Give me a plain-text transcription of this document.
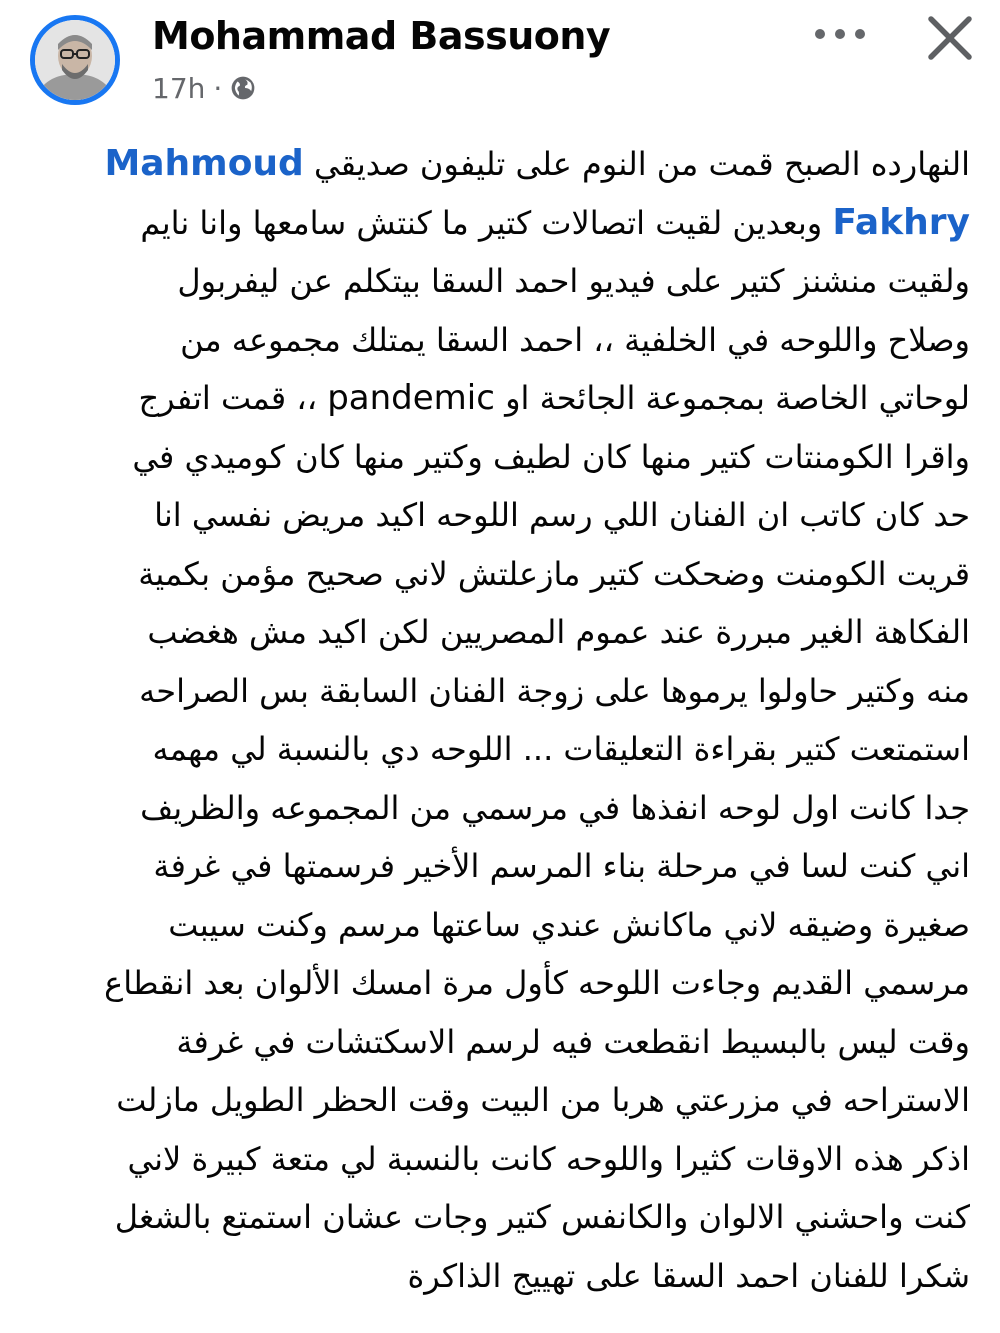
Mohammad Bassuony
17h ·
النهارده الصبح قمت من النوم على تليفون صديقي Mahmoud
Fakhry وبعدين لقيت اتصالات كتير ما كنتش سامعها وانا نايم
ولقيت منشنز كتير على فيديو احمد السقا بيتكلم عن ليفربول
وصلاح واللوحه في الخلفية ،، احمد السقا يمتلك مجموعه من
لوحاتي الخاصة بمجموعة الجائحة او pandemic ،، قمت اتفرج
واقرا الكومنتات كتير منها كان لطيف وكتير منها كان كوميدي في
حد كان كاتب ان الفنان اللي رسم اللوحه اكيد مريض نفسي انا
قريت الكومنت وضحكت كتير مازعلتش لاني صحيح مؤمن بكمية
الفكاهة الغير مبررة عند عموم المصريين لكن اكيد مش هغضب
منه وكتير حاولوا يرموها على زوجة الفنان السابقة بس الصراحه
استمتعت كتير بقراءة التعليقات ... اللوحه دي بالنسبة لي مهمه
جدا كانت اول لوحه انفذها في مرسمي من المجموعه والظريف
اني كنت لسا في مرحلة بناء المرسم الأخير فرسمتها في غرفة
صغيرة وضيقه لاني ماكانش عندي ساعتها مرسم وكنت سيبت
مرسمي القديم وجاءت اللوحه كأول مرة امسك الألوان بعد انقطاع
وقت ليس بالبسيط انقطعت فيه لرسم الاسكتشات في غرفة
الاستراحه في مزرعتي هربا من البيت وقت الحظر الطويل مازلت
اذكر هذه الاوقات كثيرا واللوحه كانت بالنسبة لي متعة كبيرة لاني
كنت واحشني الالوان والكانفس كتير وجات عشان استمتع بالشغل
شكرا للفنان احمد السقا على تهييج الذاكرة
